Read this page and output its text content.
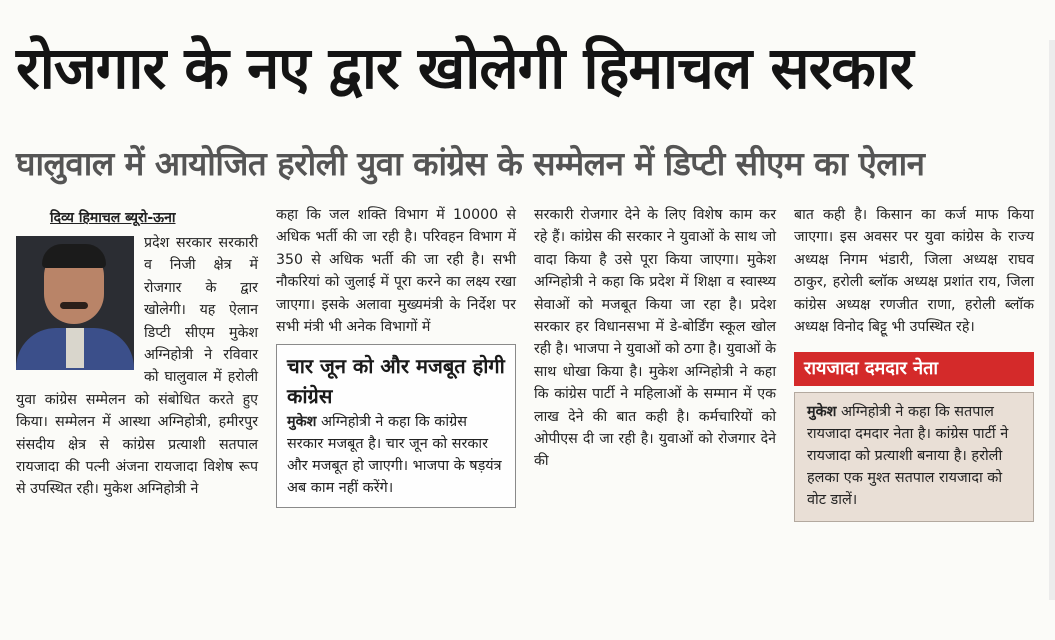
रोजगार के नए द्वार खोलेगी हिमाचल सरकार
घालुवाल में आयोजित हरोली युवा कांग्रेस के सम्मेलन में डिप्टी सीएम का ऐलान
दिव्य हिमाचल ब्यूरो-ऊना
प्रदेश सरकार सरकारी व निजी क्षेत्र में रोजगार के द्वार खोलेगी। यह ऐलान डिप्टी सीएम मुकेश अग्निहोत्री ने रविवार को घालुवाल में हरोली युवा कांग्रेस सम्मेलन को संबोधित करते हुए किया। सम्मेलन में आस्था अग्निहोत्री, हमीरपुर संसदीय क्षेत्र से कांग्रेस प्रत्याशी सतपाल रायजादा की पत्नी अंजना रायजादा विशेष रूप से उपस्थित रही। मुकेश अग्निहोत्री ने
कहा कि जल शक्ति विभाग में 10000 से अधिक भर्ती की जा रही है। परिवहन विभाग में 350 से अधिक भर्ती की जा रही है। सभी नौकरियां को जुलाई में पूरा करने का लक्ष्य रखा जाएगा। इसके अलावा मुख्यमंत्री के निर्देश पर सभी मंत्री भी अनेक विभागों में
चार जून को और मजबूत होगी कांग्रेस
मुकेश अग्निहोत्री ने कहा कि कांग्रेस सरकार मजबूत है। चार जून को सरकार और मजबूत हो जाएगी। भाजपा के षड़यंत्र अब काम नहीं करेंगे।
सरकारी रोजगार देने के लिए विशेष काम कर रहे हैं। कांग्रेस की सरकार ने युवाओं के साथ जो वादा किया है उसे पूरा किया जाएगा। मुकेश अग्निहोत्री ने कहा कि प्रदेश में शिक्षा व स्वास्थ्य सेवाओं को मजबूत किया जा रहा है। प्रदेश सरकार हर विधानसभा में डे-बोर्डिंग स्कूल खोल रही है। भाजपा ने युवाओं को ठगा है। युवाओं के साथ धोखा किया है। मुकेश अग्निहोत्री ने कहा कि कांग्रेस पार्टी ने महिलाओं के सम्मान में एक लाख देने की बात कही है। कर्मचारियों को ओपीएस दी जा रही है। युवाओं को रोजगार देने की
बात कही है। किसान का कर्ज माफ किया जाएगा। इस अवसर पर युवा कांग्रेस के राज्य अध्यक्ष निगम भंडारी, जिला अध्यक्ष राघव ठाकुर, हरोली ब्लॉक अध्यक्ष प्रशांत राय, जिला कांग्रेस अध्यक्ष रणजीत राणा, हरोली ब्लॉक अध्यक्ष विनोद बिट्टू भी उपस्थित रहे।
रायजादा दमदार नेता
मुकेश अग्निहोत्री ने कहा कि सतपाल रायजादा दमदार नेता है। कांग्रेस पार्टी ने रायजादा को प्रत्याशी बनाया है। हरोली हलका एक मुश्त सतपाल रायजादा को वोट डालें।
